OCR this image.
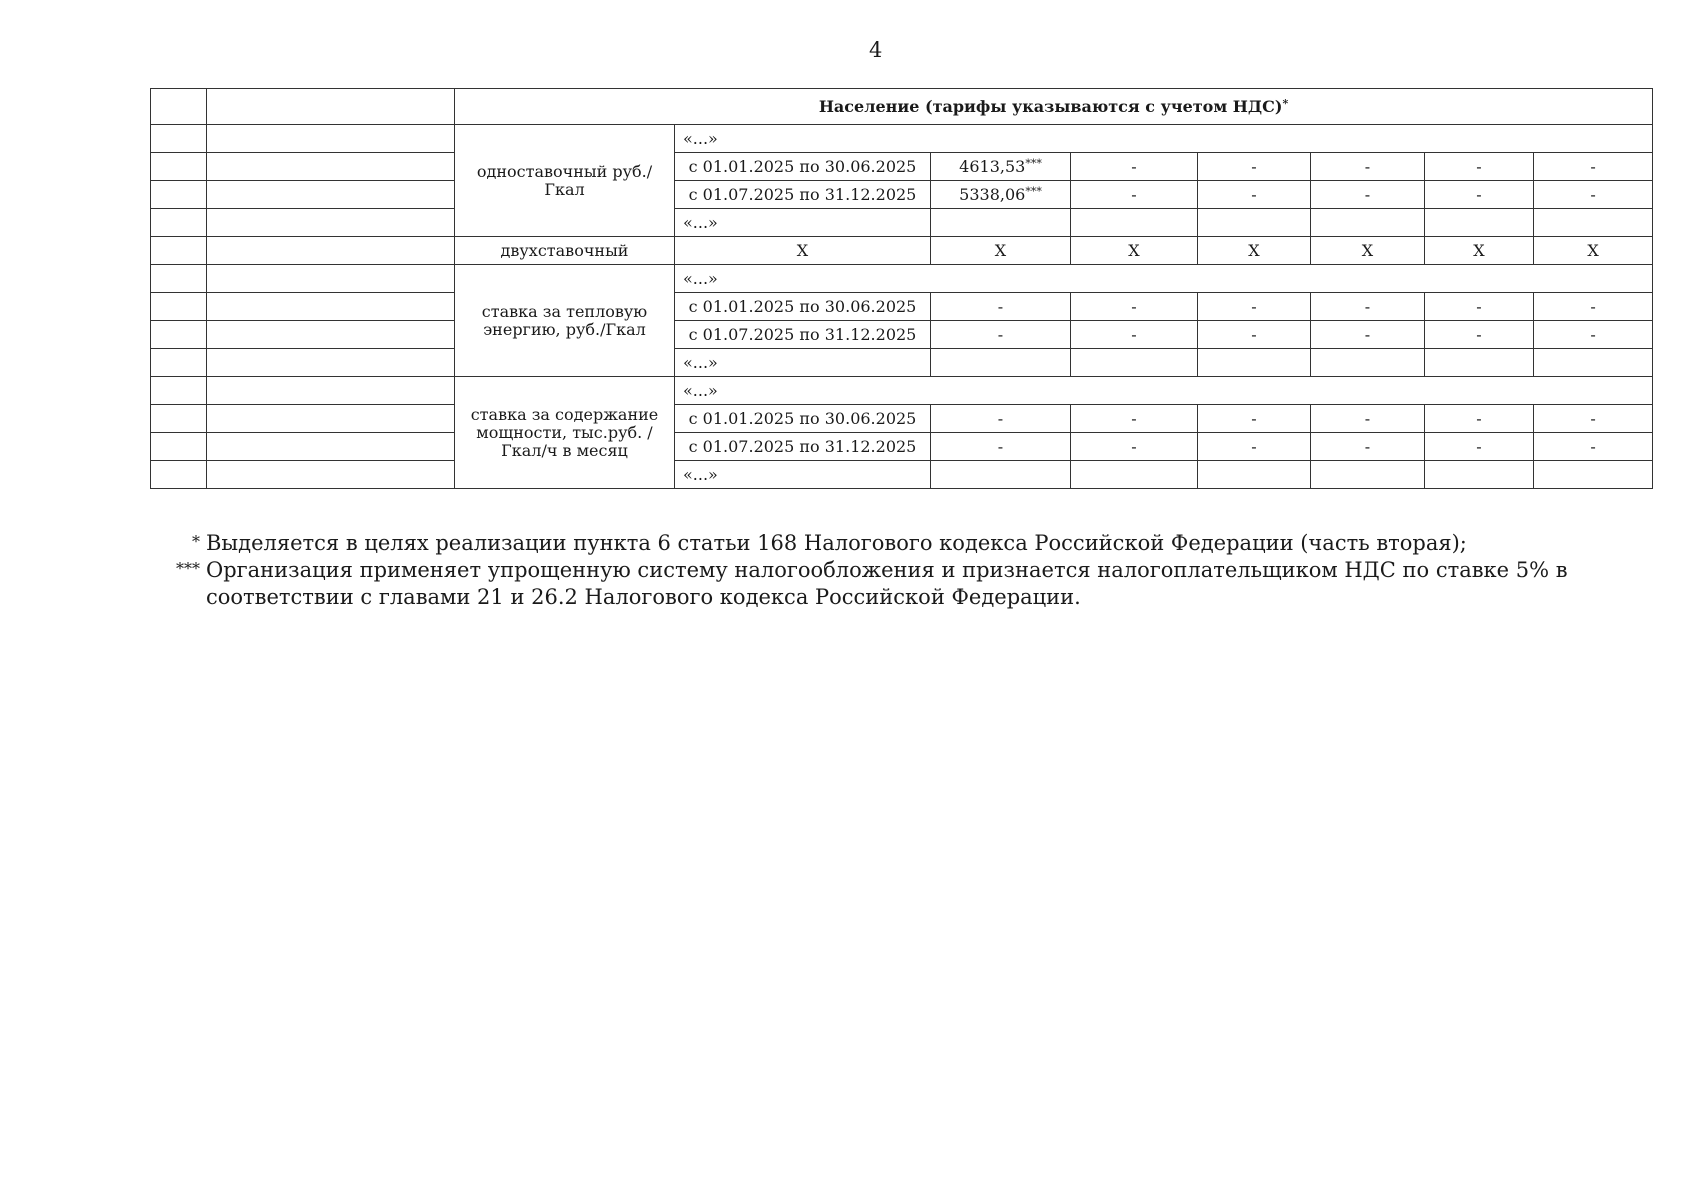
4
		Население (тарифы указываются с учетом НДС)*
		одноставочный руб./Гкал	«...»						
			с 01.01.2025 по 30.06.2025	4613,53***	-	-	-	-	-
			с 01.07.2025 по 31.12.2025	5338,06***	-	-	-	-	-
			«...»						
		двухставочный	X	X	X	X	X	X	X
		ставка за тепловую энергию, руб./Гкал	«...»						
			с 01.01.2025 по 30.06.2025	-	-	-	-	-	-
			с 01.07.2025 по 31.12.2025	-	-	-	-	-	-
			«...»						
		ставка за содержание мощности, тыс.руб. /Гкал/ч в месяц	«...»						
			с 01.01.2025 по 30.06.2025	-	-	-	-	-	-
			с 01.07.2025 по 31.12.2025	-	-	-	-	-	-
			«...»						
* Выделяется в целях реализации пункта 6 статьи 168 Налогового кодекса Российской Федерации (часть вторая);
*** Организация применяет упрощенную систему налогообложения и признается налогоплательщиком НДС по ставке 5% в соответствии с главами 21 и 26.2 Налогового кодекса Российской Федерации.
